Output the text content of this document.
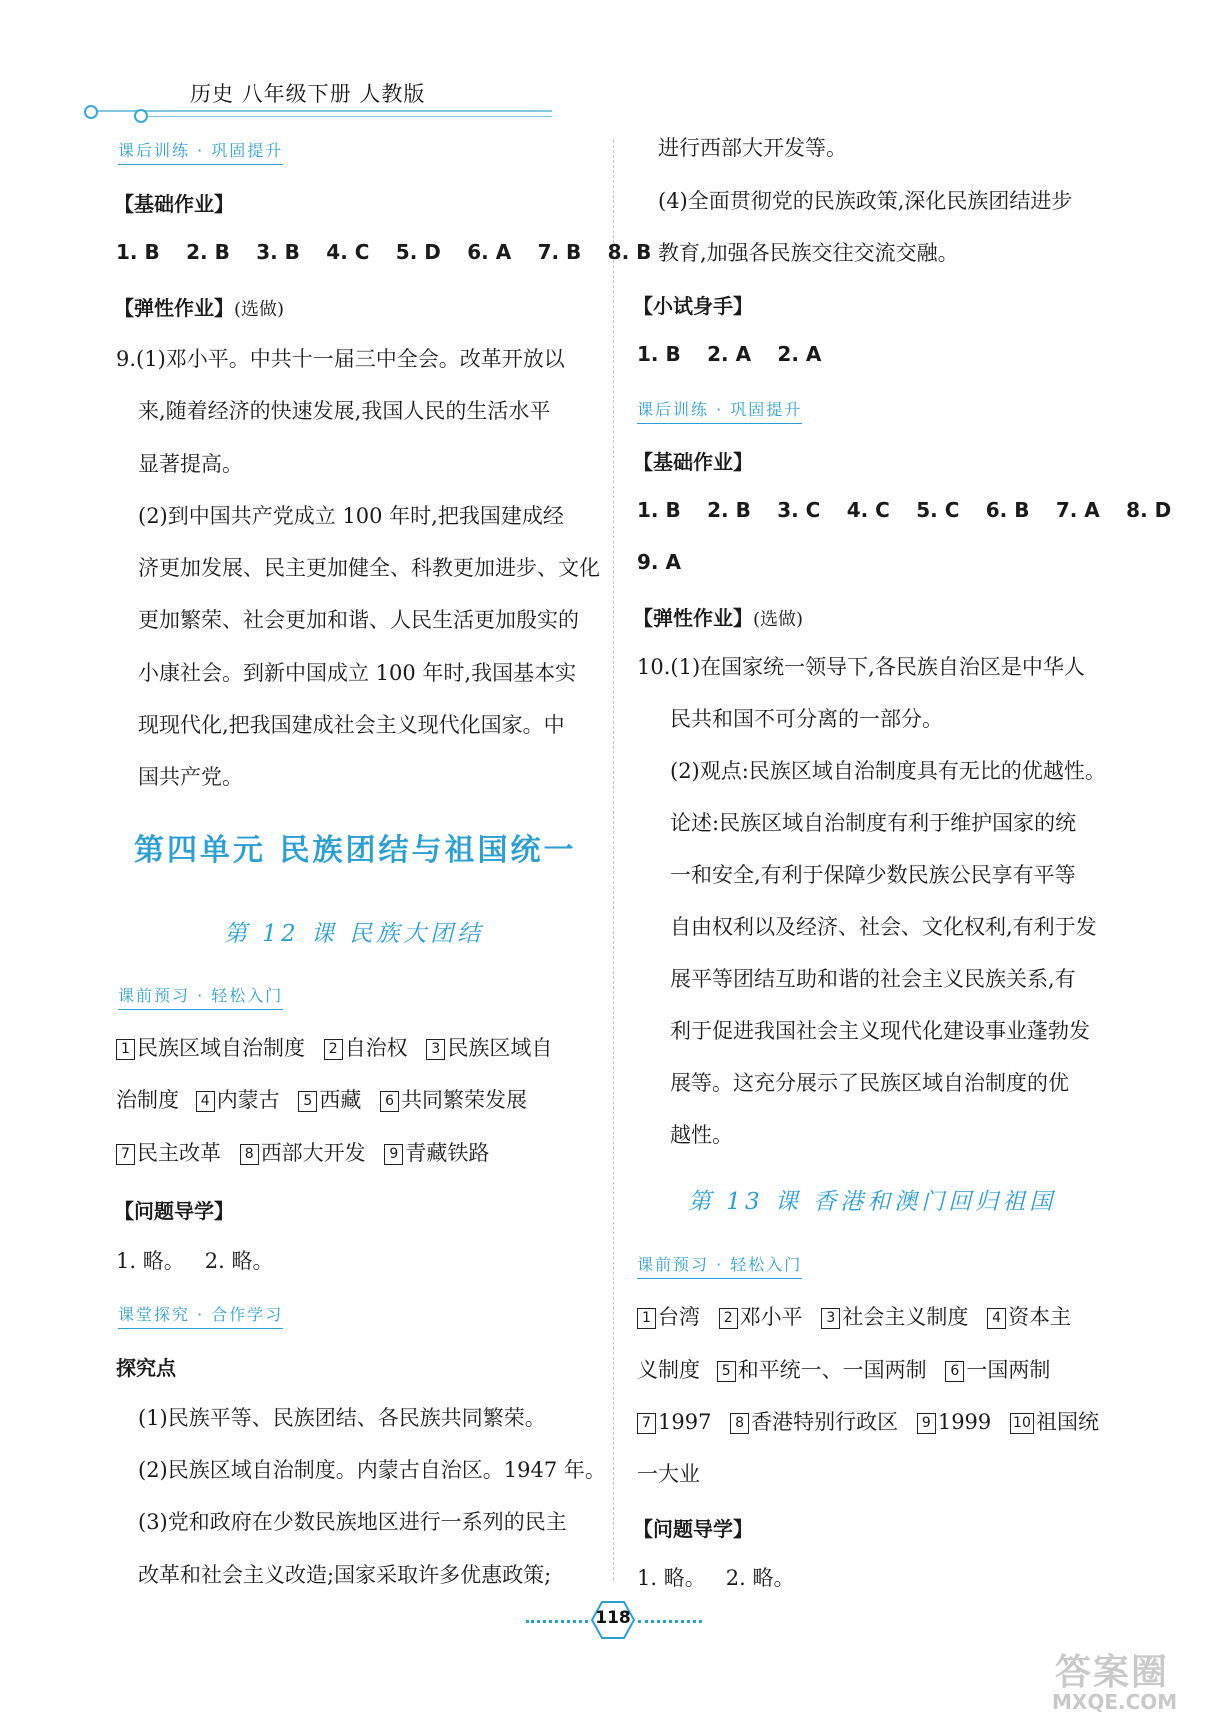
历史 八年级下册 人教版
课后训练 · 巩固提升
【基础作业】
1. B 2. B 3. B 4. C 5. D 6. A 7. B 8. B
【弹性作业】(选做)
9.(1)邓小平。中共十一届三中全会。改革开放以
来,随着经济的快速发展,我国人民的生活水平
显著提高。
(2)到中国共产党成立 100 年时,把我国建成经
济更加发展、民主更加健全、科教更加进步、文化
更加繁荣、社会更加和谐、人民生活更加殷实的
小康社会。到新中国成立 100 年时,我国基本实
现现代化,把我国建成社会主义现代化国家。中
国共产党。
第四单元 民族团结与祖国统一
第 12 课 民族大团结
课前预习 · 轻松入门
1 民族区域自治制度 2 自治权 3 民族区域自
治制度 4 内蒙古 5 西藏 6 共同繁荣发展
7 民主改革 8 西部大开发 9 青藏铁路
【问题导学】
1. 略。   2. 略。
课堂探究 · 合作学习
探究点
(1)民族平等、民族团结、各民族共同繁荣。
(2)民族区域自治制度。内蒙古自治区。1947 年。
(3)党和政府在少数民族地区进行一系列的民主
改革和社会主义改造;国家采取许多优惠政策;
进行西部大开发等。
(4)全面贯彻党的民族政策,深化民族团结进步
教育,加强各民族交往交流交融。
【小试身手】
1. B 2. A 2. A
课后训练 · 巩固提升
【基础作业】
1. B 2. B 3. C 4. C 5. C 6. B 7. A 8. D
9. A
【弹性作业】(选做)
10.(1)在国家统一领导下,各民族自治区是中华人
民共和国不可分离的一部分。
(2)观点:民族区域自治制度具有无比的优越性。
论述:民族区域自治制度有利于维护国家的统
一和安全,有利于保障少数民族公民享有平等
自由权利以及经济、社会、文化权利,有利于发
展平等团结互助和谐的社会主义民族关系,有
利于促进我国社会主义现代化建设事业蓬勃发
展等。这充分展示了民族区域自治制度的优
越性。
第 13 课 香港和澳门回归祖国
课前预习 · 轻松入门
1 台湾 2 邓小平 3 社会主义制度 4 资本主
义制度 5 和平统一、一国两制 6 一国两制
7 1997 8 香港特别行政区 9 1999 10 祖国统
一大业
【问题导学】
1. 略。   2. 略。
118
答案圈
MXQE.COM
